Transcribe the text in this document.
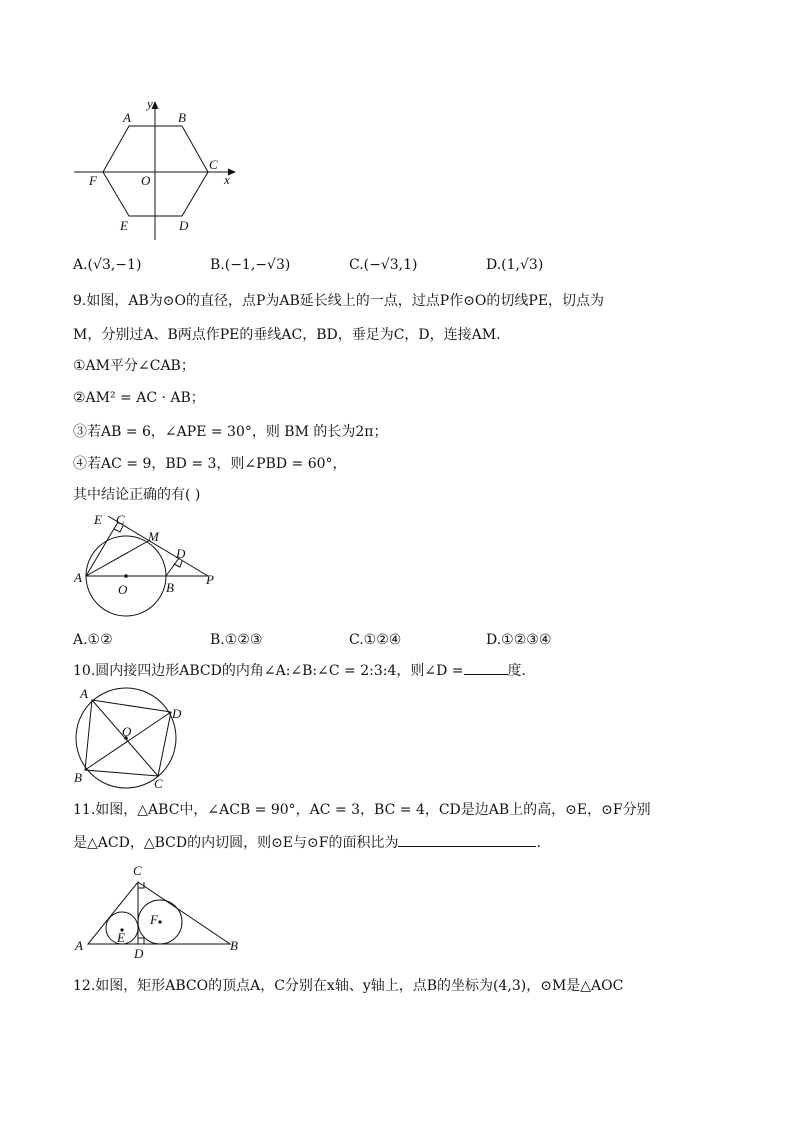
y
x
A	B
C
D
E
F	O
A.(√3,−1)	B.(−1,−√3)	C.(−√3,1)	D.(1,√3)
9.如图，AB为⊙O的直径，点P为AB延长线上的一点，过点P作⊙O的切线PE，切点为
M，分别过A、B两点作PE的垂线AC，BD，垂足为C，D，连接AM.
①AM平分∠CAB；
②AM² = AC · AB；
③若AB = 6，∠APE = 30°，则 BM 的长为2π；
④若AC = 9，BD = 3，则∠PBD = 60°，
其中结论正确的有( )
E C
M
D
A
O	B
P
A.①②	B.①②③	C.①②④	D.①②③④
10.圆内接四边形ABCD的内角∠A:∠B:∠C = 2:3:4，则∠D =	度.
A
D
O
B	C
11.如图，△ABC中，∠ACB = 90°，AC = 3，BC = 4，CD是边AB上的高，⊙E，⊙F分别
是△ACD，△BCD的内切圆，则⊙E与⊙F的面积比为	.
C
A
E
F
D
B
12.如图，矩形ABCO的顶点A，C分别在x轴、y轴上，点B的坐标为(4,3)，⊙M是△AOC
